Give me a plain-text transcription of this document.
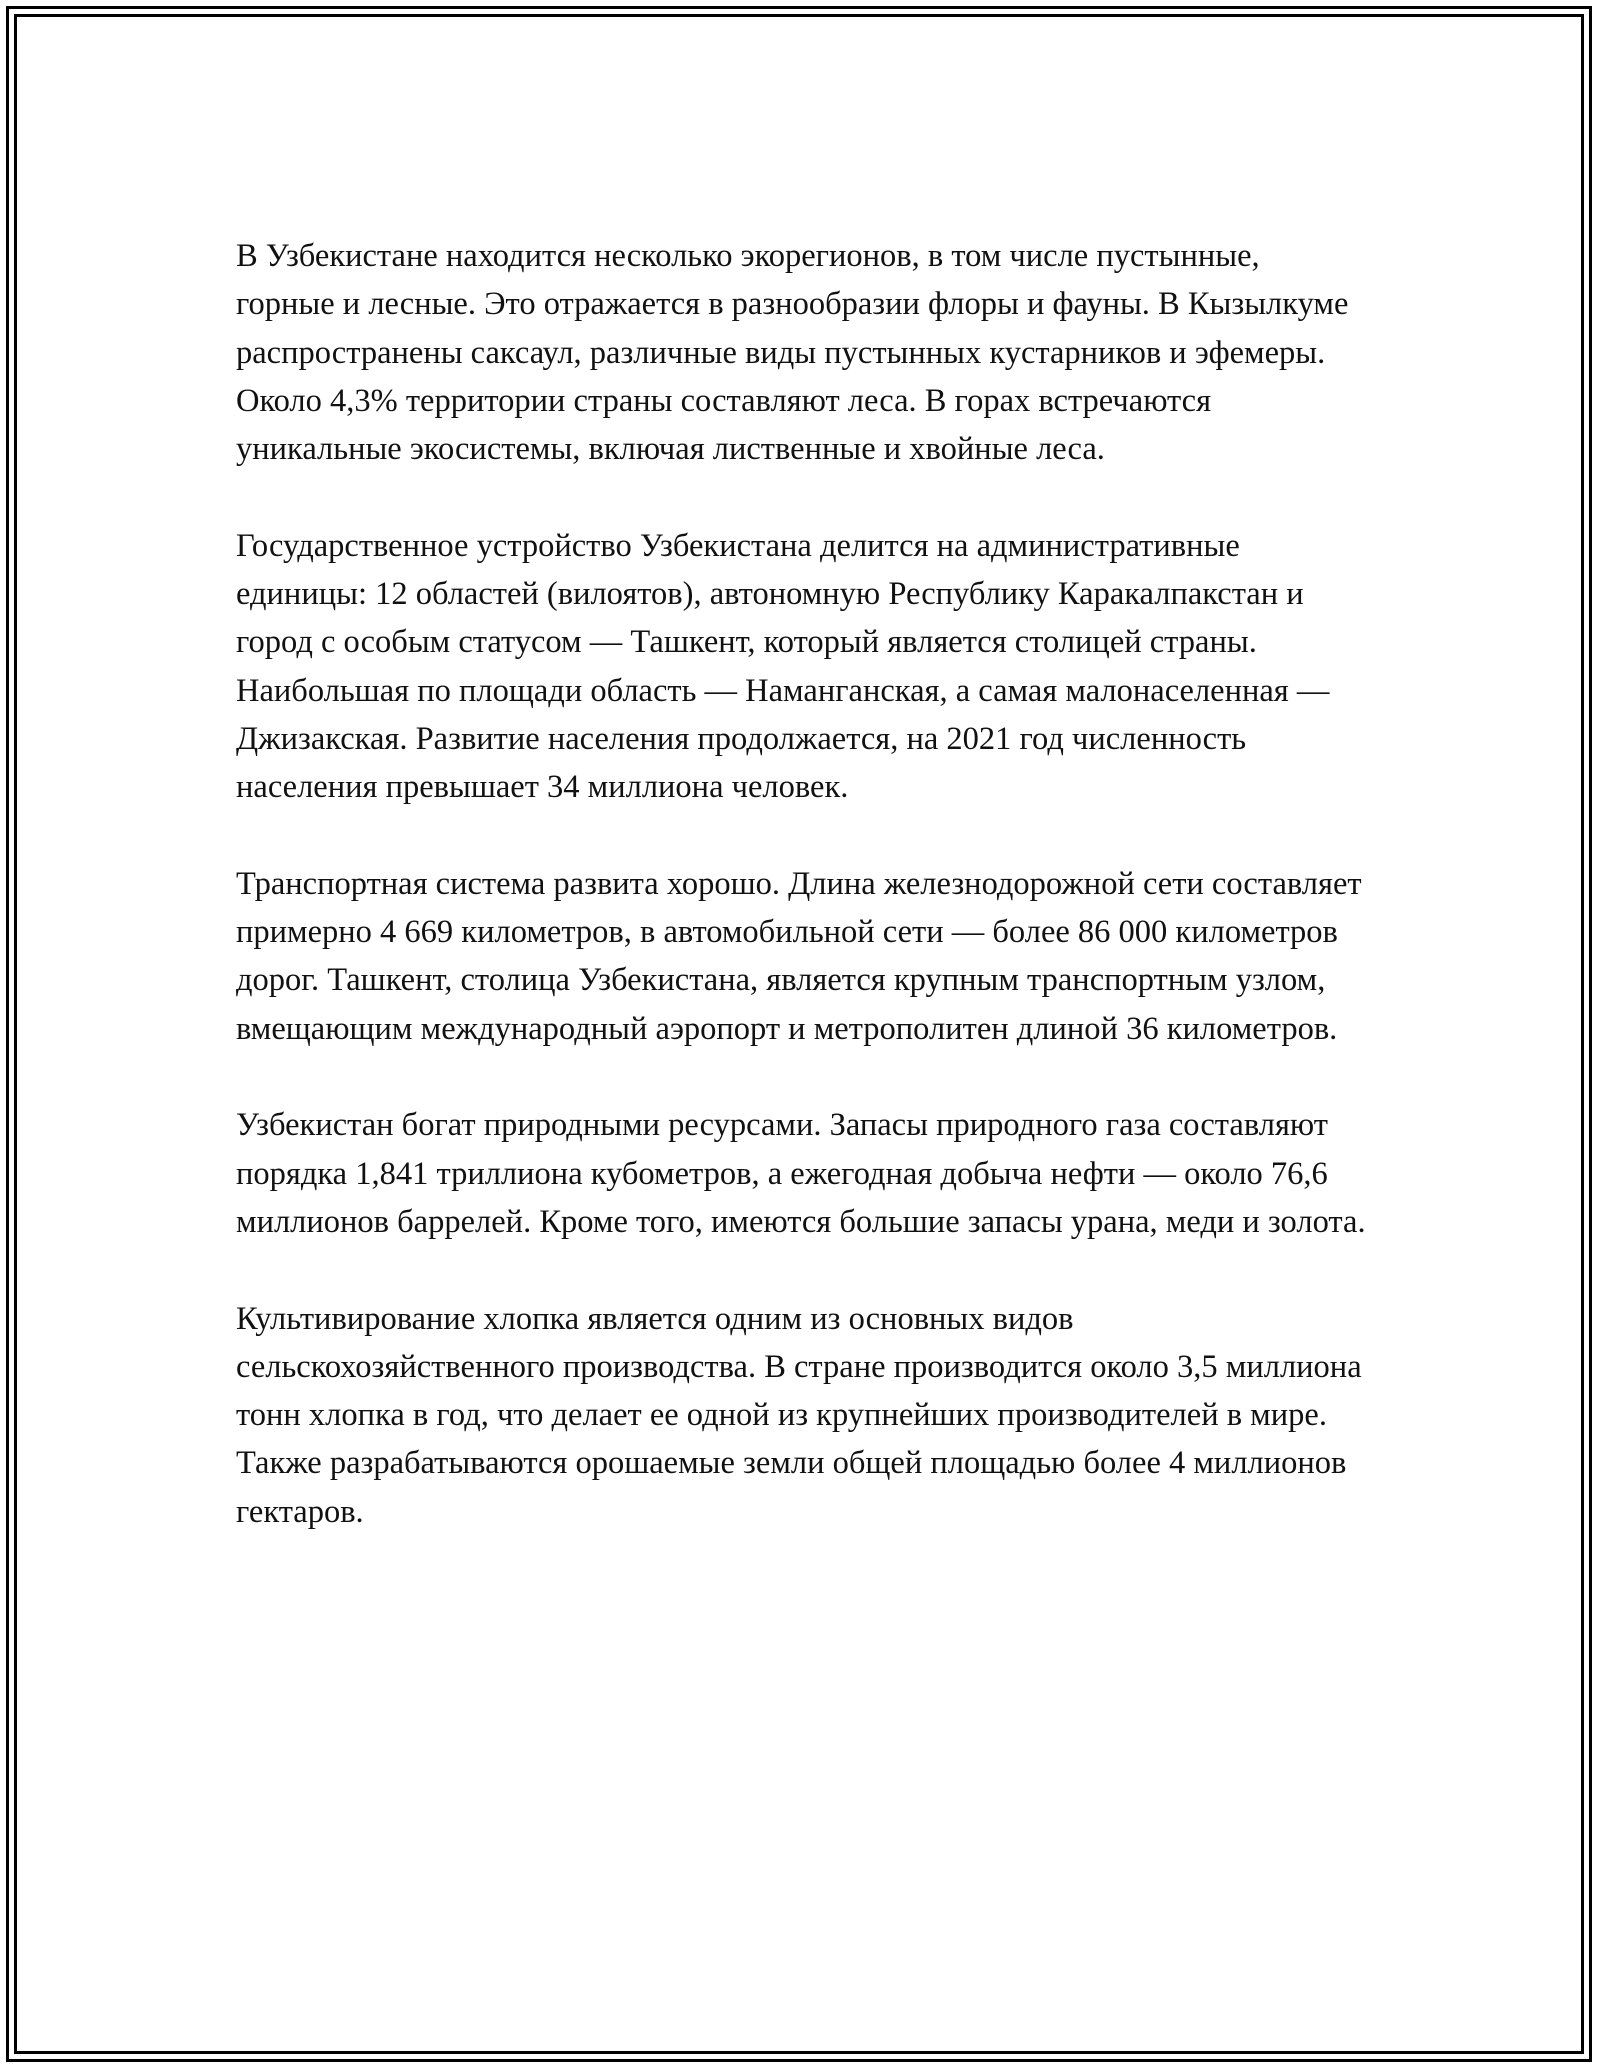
В Узбекистане находится несколько экорегионов, в том числе пустынные, горные и лесные. Это отражается в разнообразии флоры и фауны. В Кызылкуме распространены саксаул, различные виды пустынных кустарников и эфемеры. Около 4,3% территории страны составляют леса. В горах встречаются уникальные экосистемы, включая лиственные и хвойные леса.

Государственное устройство Узбекистана делится на административные единицы: 12 областей (вилоятов), автономную Республику Каракалпакстан и город с особым статусом — Ташкент, который является столицей страны. Наибольшая по площади область — Наманганская, а самая малонаселенная — Джизакская. Развитие населения продолжается, на 2021 год численность населения превышает 34 миллиона человек.

Транспортная система развита хорошо. Длина железнодорожной сети составляет примерно 4 669 километров, в автомобильной сети — более 86 000 километров дорог. Ташкент, столица Узбекистана, является крупным транспортным узлом, вмещающим международный аэропорт и метрополитен длиной 36 километров.

Узбекистан богат природными ресурсами. Запасы природного газа составляют порядка 1,841 триллиона кубометров, а ежегодная добыча нефти — около 76,6 миллионов баррелей. Кроме того, имеются большие запасы урана, меди и золота.

Культивирование хлопка является одним из основных видов сельскохозяйственного производства. В стране производится около 3,5 миллиона тонн хлопка в год, что делает ее одной из крупнейших производителей в мире. Также разрабатываются орошаемые земли общей площадью более 4 миллионов гектаров.
